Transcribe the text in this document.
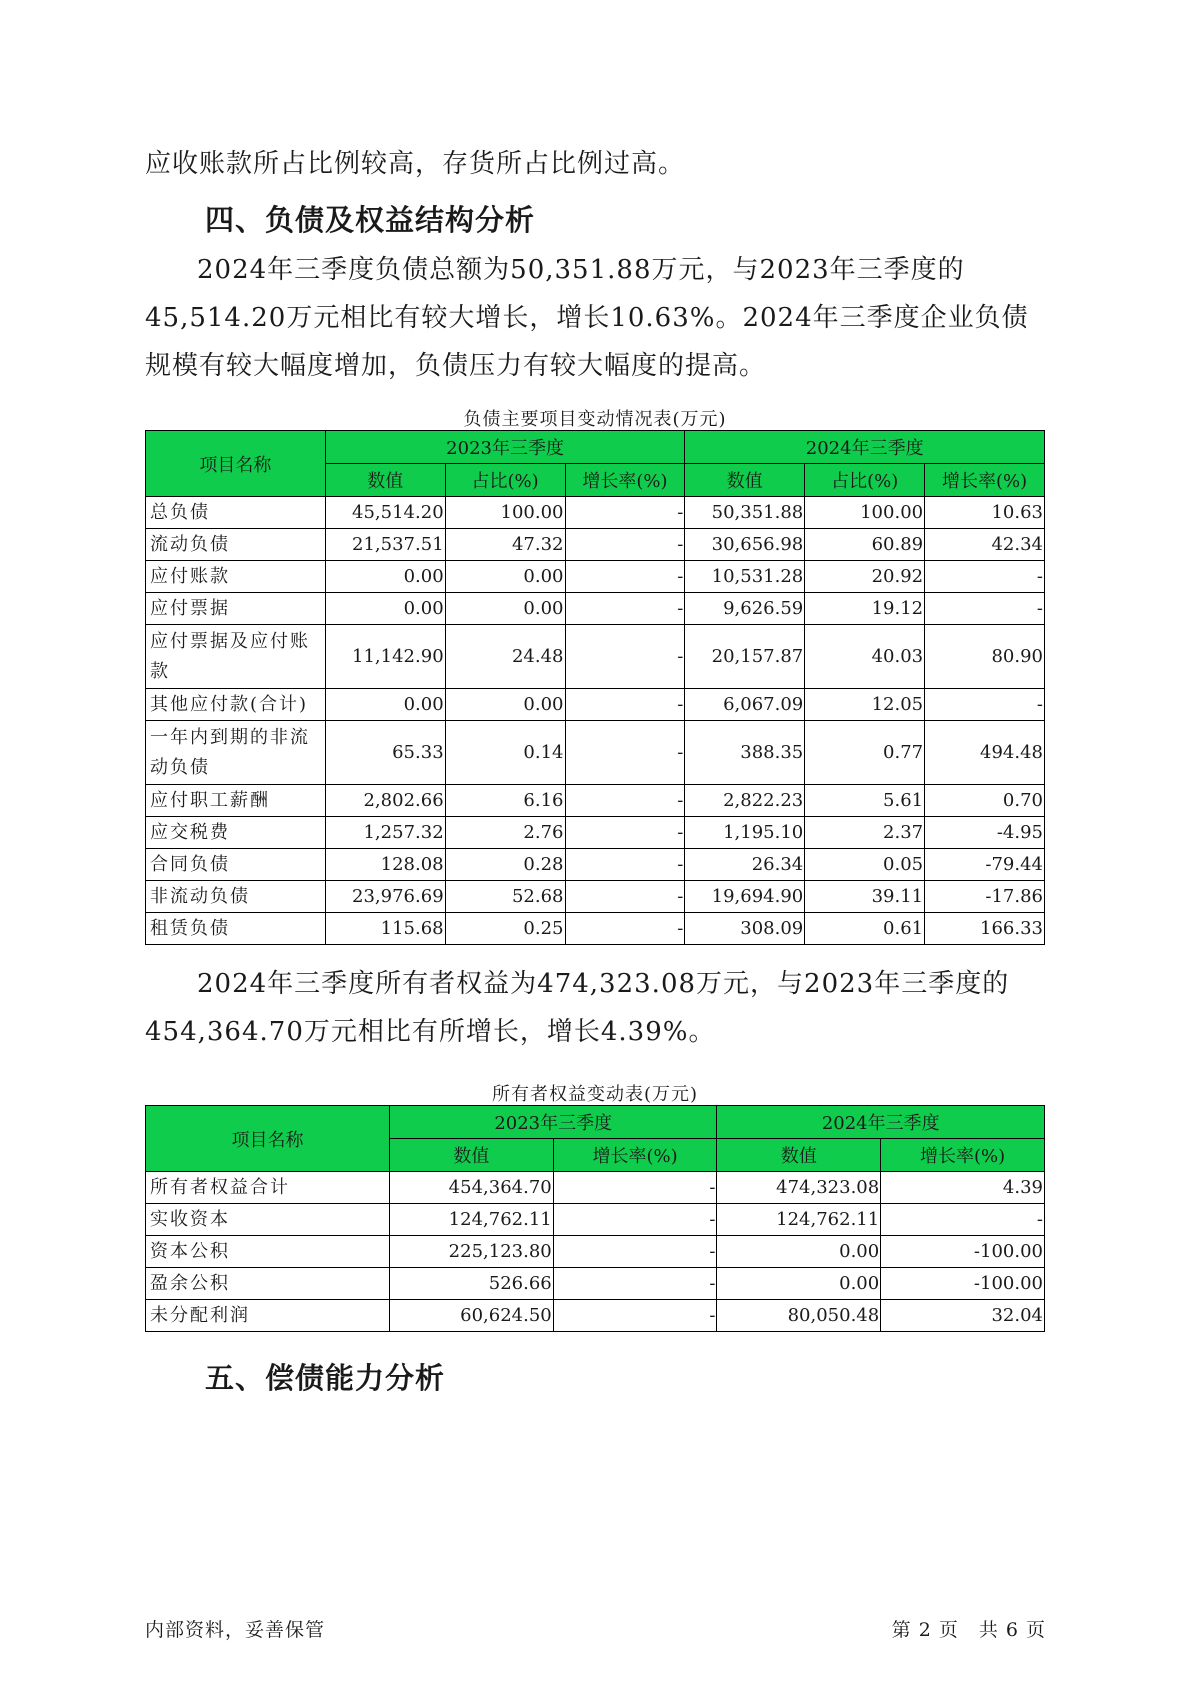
应收账款所占比例较高，存货所占比例过高。

四、负债及权益结构分析

2024年三季度负债总额为50,351.88万元，与2023年三季度的45,514.20万元相比有较大增长，增长10.63%。2024年三季度企业负债规模有较大幅度增加，负债压力有较大幅度的提高。

负债主要项目变动情况表(万元)
项目名称	2023年三季度			2024年三季度		
	数值	占比(%)	增长率(%)	数值	占比(%)	增长率(%)
总负债	45,514.20	100.00	-	50,351.88	100.00	10.63
流动负债	21,537.51	47.32	-	30,656.98	60.89	42.34
应付账款	0.00	0.00	-	10,531.28	20.92	-
应付票据	0.00	0.00	-	9,626.59	19.12	-
应付票据及应付账款	11,142.90	24.48	-	20,157.87	40.03	80.90
其他应付款(合计)	0.00	0.00	-	6,067.09	12.05	-
一年内到期的非流动负债	65.33	0.14	-	388.35	0.77	494.48
应付职工薪酬	2,802.66	6.16	-	2,822.23	5.61	0.70
应交税费	1,257.32	2.76	-	1,195.10	2.37	-4.95
合同负债	128.08	0.28	-	26.34	0.05	-79.44
非流动负债	23,976.69	52.68	-	19,694.90	39.11	-17.86
租赁负债	115.68	0.25	-	308.09	0.61	166.33

2024年三季度所有者权益为474,323.08万元，与2023年三季度的454,364.70万元相比有所增长，增长4.39%。

所有者权益变动表(万元)
项目名称	2023年三季度		2024年三季度	
	数值	增长率(%)	数值	增长率(%)
所有者权益合计	454,364.70	-	474,323.08	4.39
实收资本	124,762.11	-	124,762.11	-
资本公积	225,123.80	-	0.00	-100.00
盈余公积	526.66	-	0.00	-100.00
未分配利润	60,624.50	-	80,050.48	32.04
五、偿债能力分析
内部资料，妥善保管	第 2 页　共 6 页
